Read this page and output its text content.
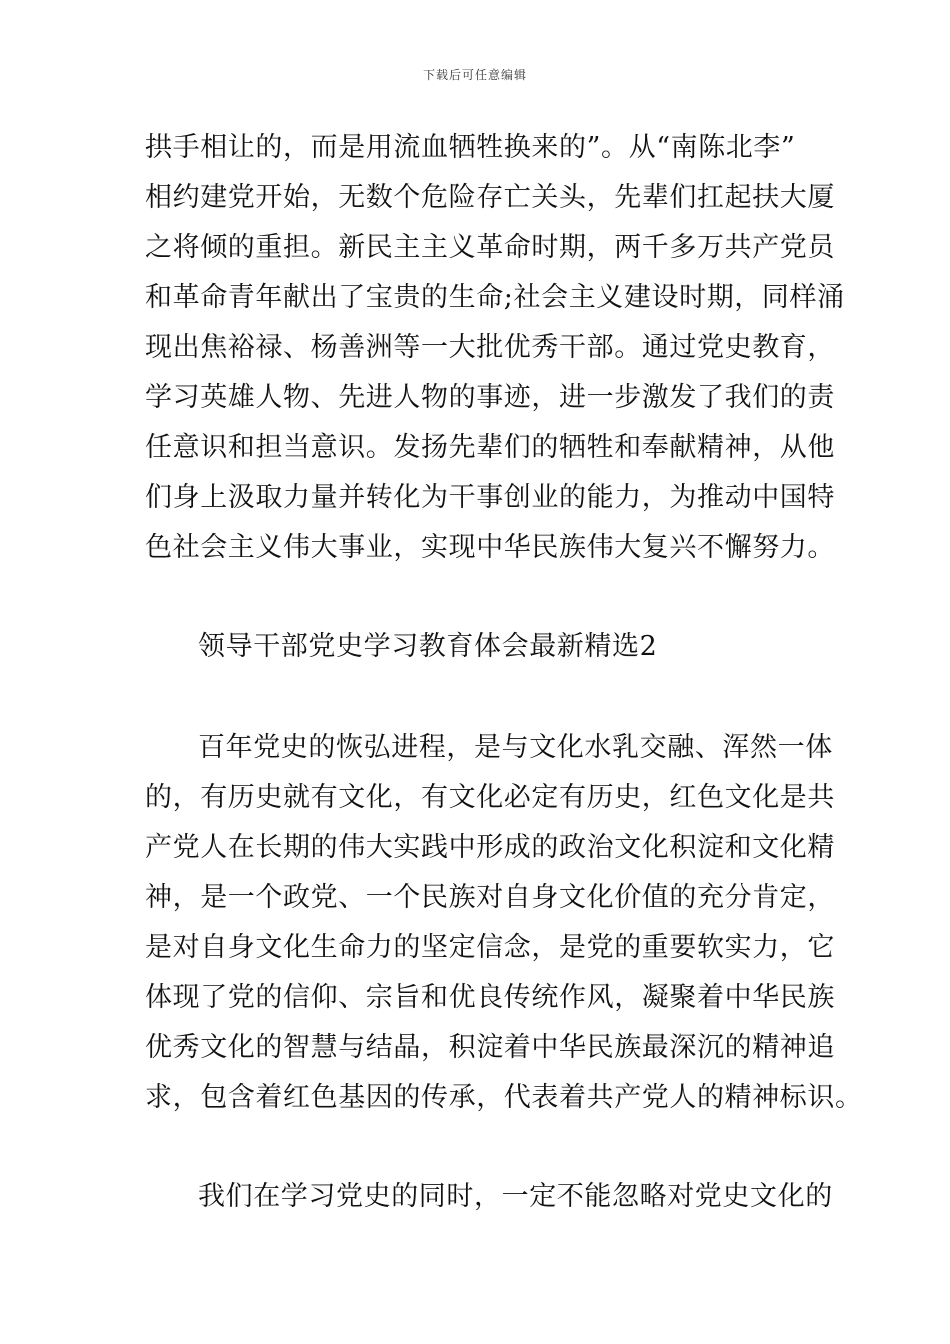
下载后可任意编辑
拱手相让的，而是用流血牺牲换来的”。从“南陈北李”
相约建党开始，无数个危险存亡关头，先辈们扛起扶大厦
之将倾的重担。新民主主义革命时期，两千多万共产党员
和革命青年献出了宝贵的生命;社会主义建设时期，同样涌
现出焦裕禄、杨善洲等一大批优秀干部。通过党史教育，
学习英雄人物、先进人物的事迹，进一步激发了我们的责
任意识和担当意识。发扬先辈们的牺牲和奉献精神，从他
们身上汲取力量并转化为干事创业的能力，为推动中国特
色社会主义伟大事业，实现中华民族伟大复兴不懈努力。
领导干部党史学习教育体会最新精选2
百年党史的恢弘进程，是与文化水乳交融、浑然一体
的，有历史就有文化，有文化必定有历史，红色文化是共
产党人在长期的伟大实践中形成的政治文化积淀和文化精
神，是一个政党、一个民族对自身文化价值的充分肯定，
是对自身文化生命力的坚定信念，是党的重要软实力，它
体现了党的信仰、宗旨和优良传统作风，凝聚着中华民族
优秀文化的智慧与结晶，积淀着中华民族最深沉的精神追
求，包含着红色基因的传承，代表着共产党人的精神标识。
我们在学习党史的同时，一定不能忽略对党史文化的
